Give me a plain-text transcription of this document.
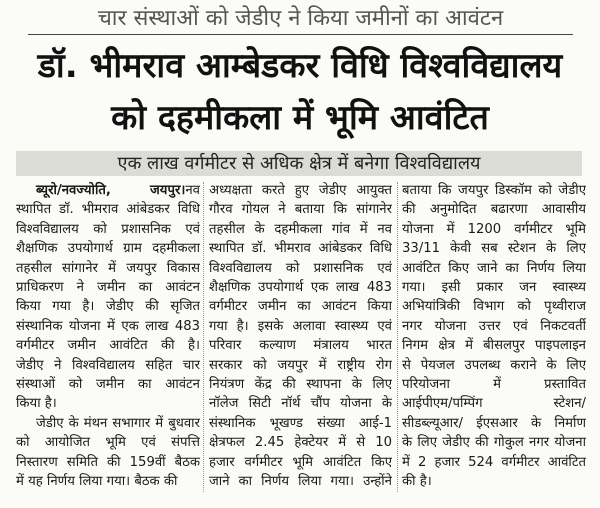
चार संस्थाओं को जेडीए ने किया जमीनों का आवंटन
डॉ. भीमराव आम्बेडकर विधि विश्वविद्यालय
को दहमीकला में भूमि आवंटित
एक लाख वर्गमीटर से अधिक क्षेत्र में बनेगा विश्वविद्यालय
ब्यूरो/नवज्योति, जयपुर।नव
स्थापित डॉ. भीमराव आंबेडकर विधि
विश्वविद्यालय को प्रशासनिक एवं
शैक्षणिक उपयोगार्थ ग्राम दहमीकला
तहसील सांगानेर में जयपुर विकास
प्राधिकरण ने जमीन का आवंटन
किया गया है। जेडीए की सृजित
संस्थानिक योजना में एक लाख 483
वर्गमीटर जमीन आवंटित की है।
जेडीए ने विश्वविद्यालय सहित चार
संस्थाओं को जमीन का आवंटन
किया है।
जेडीए के मंथन सभागार में बुधवार
को आयोजित भूमि एवं संपत्ति
निस्तारण समिति की 159वीं बैठक
में यह निर्णय लिया गया। बैठक की
अध्यक्षता करते हुए जेडीए आयुक्त
गौरव गोयल ने बताया कि सांगानेर
तहसील के दहमीकला गांव में नव
स्थापित डॉ. भीमराव आंबेडकर विधि
विश्वविद्यालय को प्रशासनिक एवं
शैक्षणिक उपयोगार्थ एक लाख 483
वर्गमीटर जमीन का आवंटन किया
गया है। इसके अलावा स्वास्थ्य एवं
परिवार कल्याण मंत्रालय भारत
सरकार को जयपुर में राष्ट्रीय रोग
नियंत्रण केंद्र की स्थापना के लिए
नॉलेज सिटी नॉर्थ चौंप योजना के
संस्थानिक भूखण्ड संख्या आई-1
क्षेत्रफल 2.45 हेक्टेयर में से 10
हजार वर्गमीटर भूमि आवंटित किए
जाने का निर्णय लिया गया। उन्होंने
बताया कि जयपुर डिस्कॉम को जेडीए
की अनुमोदित बढारणा आवासीय
योजना में 1200 वर्गमीटर भूमि
33/11 केवी सब स्टेशन के लिए
आवंटित किए जाने का निर्णय लिया
गया। इसी प्रकार जन स्वास्थ्य
अभियांत्रिकी विभाग को पृथ्वीराज
नगर योजना उत्तर एवं निकटवर्ती
निगम क्षेत्र में बीसलपुर पाइपलाइन
से पेयजल उपलब्ध कराने के लिए
परियोजना में प्रस्तावित
आईपीएम/पम्पिंग स्टेशन/
सीडब्ल्यूआर/ ईएसआर के निर्माण
के लिए जेडीए की गोकुल नगर योजना
में 2 हजार 524 वर्गमीटर आवंटित
की है।
